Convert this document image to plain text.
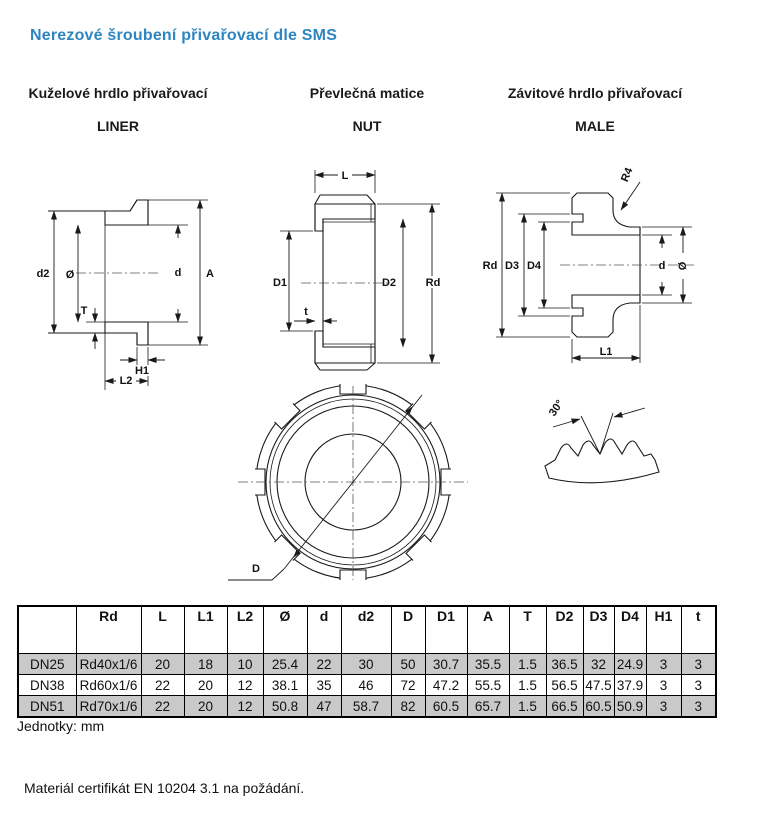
Nerezové šroubení přivařovací dle SMS
Kuželové hrdlo přivařovací
LINER
Převlečná matice
NUT
Závitové hrdlo přivařovací
MALE
d2 Ø
T
d A
H1
L2
L
D1
t
D2	Rd
Rd D3 D4
R4
d Ø
L1
D
30°
	Rd	L	L1	L2	Ø	d	d2	D	D1	A	T	D2	D3	D4	H1	t
DN25	Rd40x1/6	20	18	10	25.4	22	30	50	30.7	35.5	1.5	36.5	32	24.9	3	3
DN38	Rd60x1/6	22	20	12	38.1	35	46	72	47.2	55.5	1.5	56.5	47.5	37.9	3	3
DN51	Rd70x1/6	22	20	12	50.8	47	58.7	82	60.5	65.7	1.5	66.5	60.5	50.9	3	3
Jednotky: mm
Materiál certifikát EN 10204 3.1 na požádání.
